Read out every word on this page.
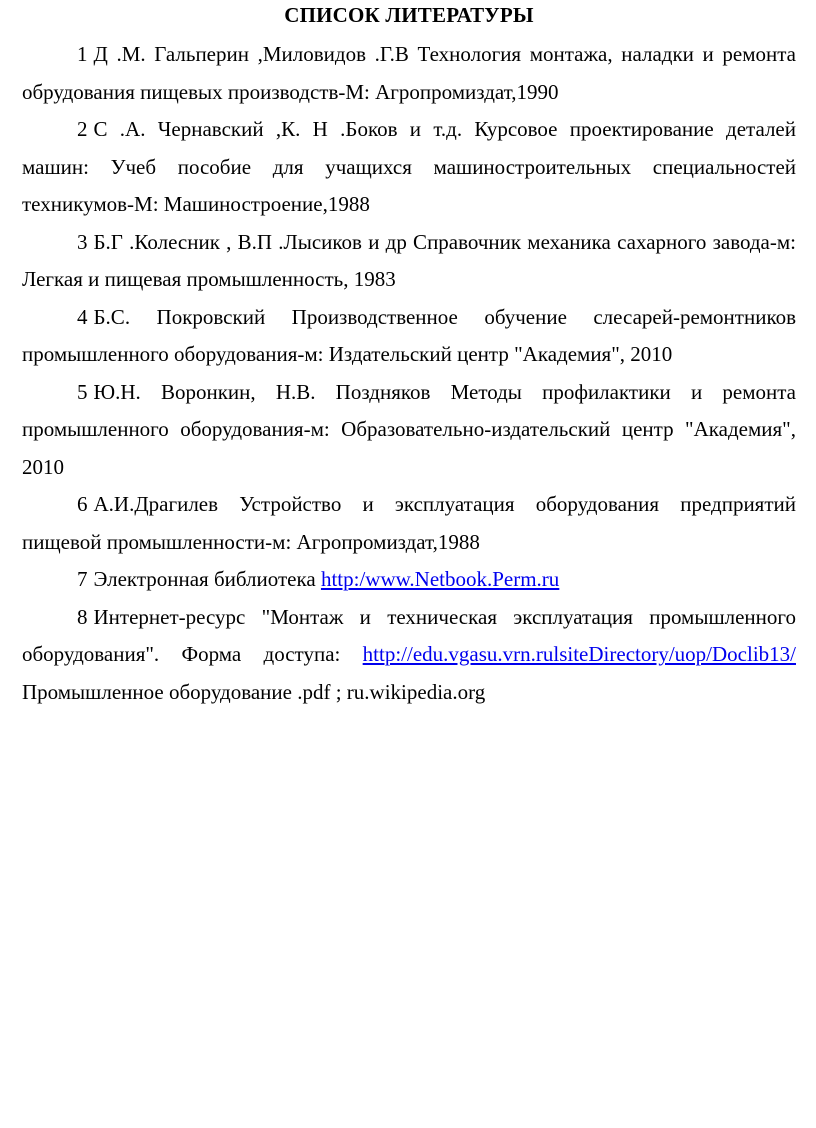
СПИСОК ЛИТЕРАТУРЫ
1 Д .М. Гальперин ,Миловидов .Г.В Технология монтажа, наладки и ремонта обрудования пищевых производств-М: Агропромиздат,1990
2 С .А. Чернавский ,К. Н .Боков и т.д. Курсовое проектирование деталей машин: Учеб пособие для учащихся машиностроительных специальностей техникумов-М: Машиностроение,1988
3 Б.Г .Колесник , В.П .Лысиков и др Справочник механика сахарного завода-м: Легкая и пищевая промышленность, 1983
4 Б.С. Покровский Производственное обучение слесарей-ремонтников промышленного оборудования-м: Издательский центр "Академия", 2010
5 Ю.Н. Воронкин, Н.В. Поздняков Методы профилактики и ремонта промышленного оборудования-м: Образовательно-издательский центр "Академия", 2010
6 А.И.Драгилев Устройство и эксплуатация оборудования предприятий пищевой промышленности-м: Агропромиздат,1988
7 Электронная библиотека http:/www.Netbook.Perm.ru
8 Интернет-ресурс "Монтаж и техническая эксплуатация промышленного оборудования". Форма доступа: http://edu.vgasu.vrn.rulsiteDirectory/uop/Doclib13/ Промышленное оборудование .pdf ; ru.wikipedia.org
